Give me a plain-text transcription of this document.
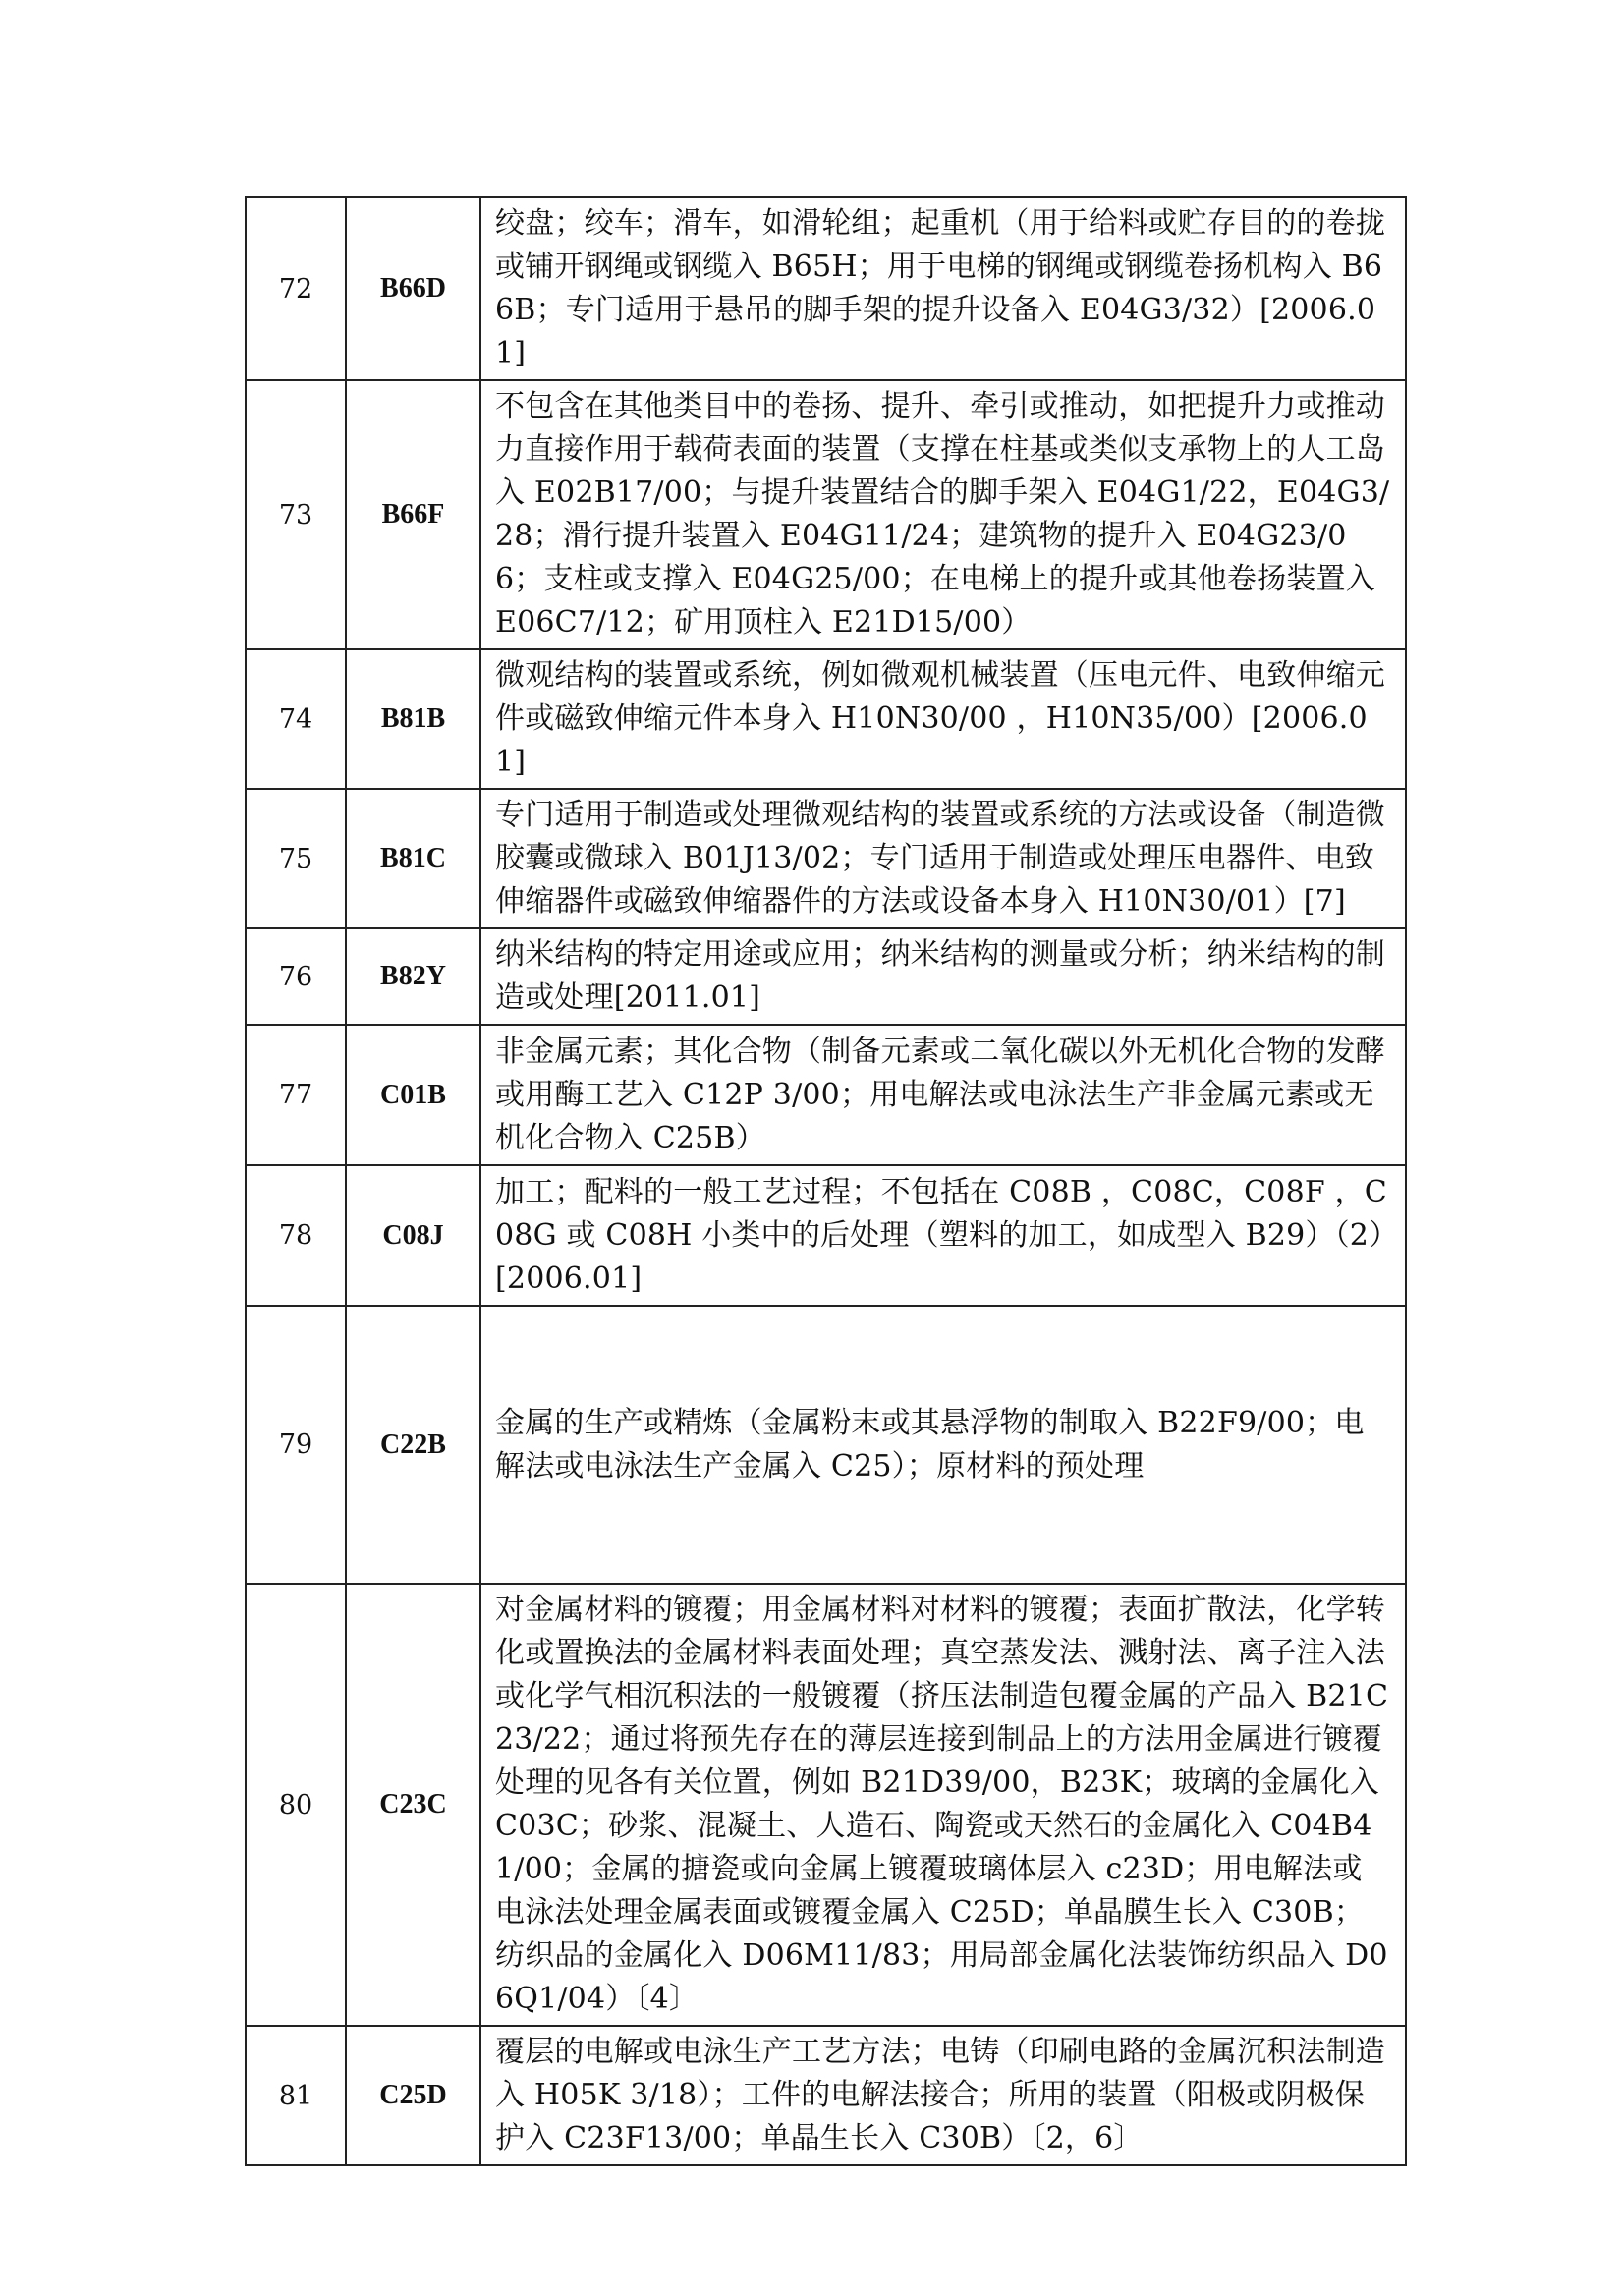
72	B66D	绞盘；绞车；滑车，如滑轮组；起重机（用于给料或贮存目的的卷拢或铺开钢绳或钢缆入 B65H；用于电梯的钢绳或钢缆卷扬机构入 B66B；专门适用于悬吊的脚手架的提升设备入 E04G3/32）[2006.01]
73	B66F	不包含在其他类目中的卷扬、提升、牵引或推动，如把提升力或推动力直接作用于载荷表面的装置（支撑在柱基或类似支承物上的人工岛入 E02B17/00；与提升装置结合的脚手架入 E04G1/22，E04G3/28；滑行提升装置入 E04G11/24；建筑物的提升入 E04G23/06；支柱或支撑入 E04G25/00；在电梯上的提升或其他卷扬装置入 E06C7/12；矿用顶柱入 E21D15/00）
74	B81B	微观结构的装置或系统，例如微观机械装置（压电元件、电致伸缩元件或磁致伸缩元件本身入 H10N30/00 ，H10N35/00）[2006.01]
75	B81C	专门适用于制造或处理微观结构的装置或系统的方法或设备（制造微胶囊或微球入 B01J13/02；专门适用于制造或处理压电器件、电致伸缩器件或磁致伸缩器件的方法或设备本身入 H10N30/01）[7]
76	B82Y	纳米结构的特定用途或应用；纳米结构的测量或分析；纳米结构的制造或处理[2011.01]
77	C01B	非金属元素；其化合物（制备元素或二氧化碳以外无机化合物的发酵或用酶工艺入 C12P 3/00；用电解法或电泳法生产非金属元素或无机化合物入 C25B）
78	C08J	加工；配料的一般工艺过程；不包括在 C08B ，C08C，C08F ，C08G 或 C08H 小类中的后处理（塑料的加工，如成型入 B29）（2）[2006.01]
79	C22B	金属的生产或精炼（金属粉末或其悬浮物的制取入 B22F9/00；电解法或电泳法生产金属入 C25）；原材料的预处理
80	C23C	对金属材料的镀覆；用金属材料对材料的镀覆；表面扩散法，化学转化或置换法的金属材料表面处理；真空蒸发法、溅射法、离子注入法或化学气相沉积法的一般镀覆（挤压法制造包覆金属的产品入 B21C23/22；通过将预先存在的薄层连接到制品上的方法用金属进行镀覆处理的见各有关位置，例如 B21D39/00，B23K；玻璃的金属化入 C03C；砂浆、混凝土、人造石、陶瓷或天然石的金属化入 C04B41/00；金属的搪瓷或向金属上镀覆玻璃体层入 c23D；用电解法或电泳法处理金属表面或镀覆金属入 C25D；单晶膜生长入 C30B；纺织品的金属化入 D06M11/83；用局部金属化法装饰纺织品入 D06Q1/04）〔4〕
81	C25D	覆层的电解或电泳生产工艺方法；电铸（印刷电路的金属沉积法制造入 H05K 3/18）；工件的电解法接合；所用的装置（阳极或阴极保护入 C23F13/00；单晶生长入 C30B）〔2，6〕
